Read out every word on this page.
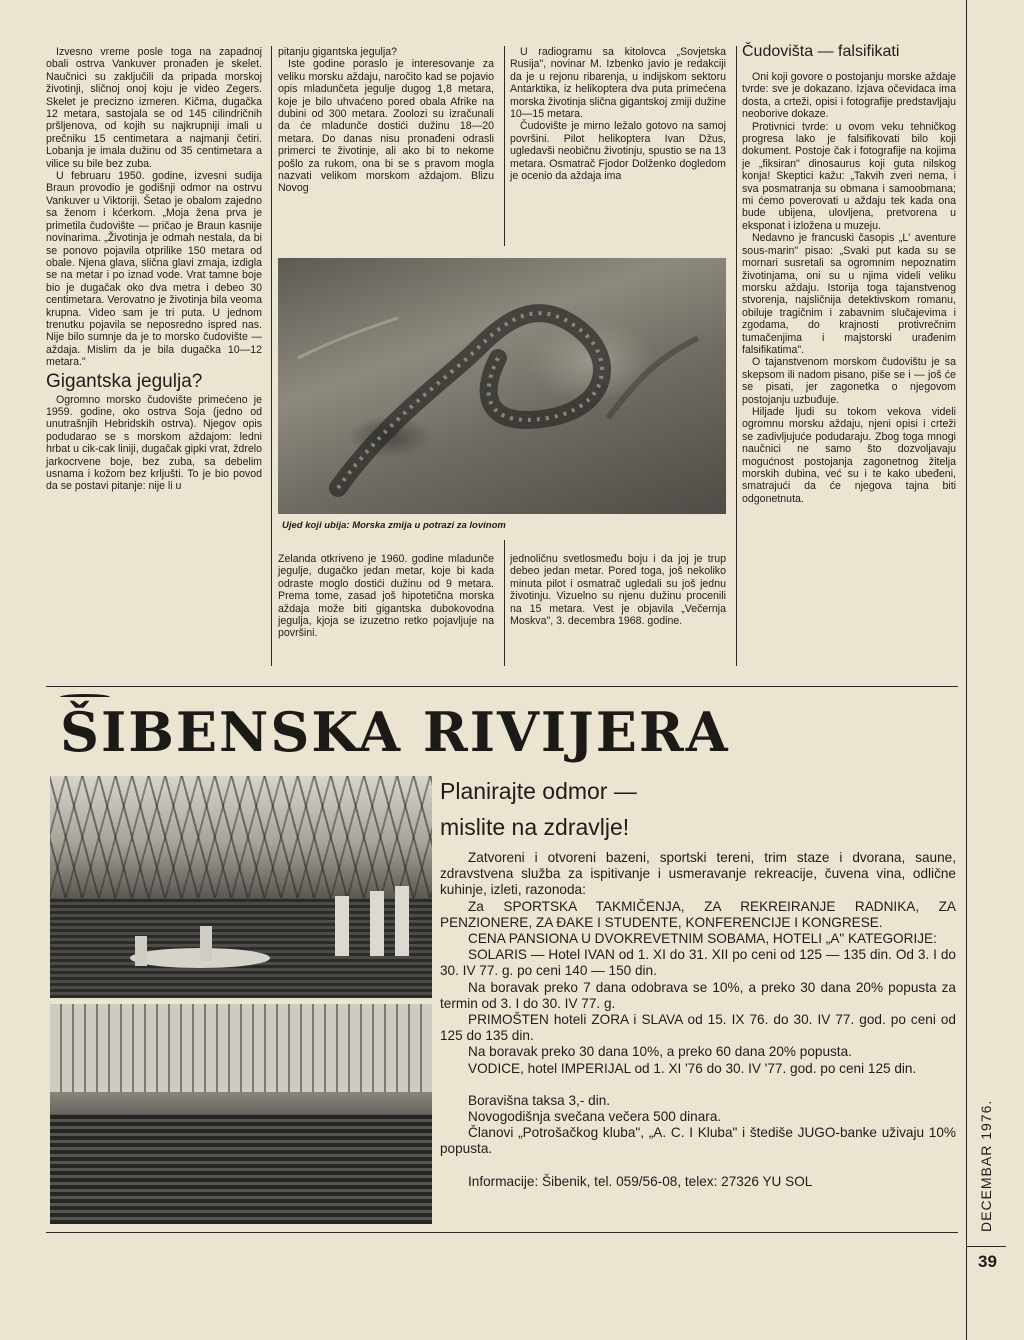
Izvesno vreme posle toga na zapadnoj obali ostrva Vankuver pronađen je skelet. Naučnici su zaključili da pripada morskoj životinji, sličnoj onoj koju je video Zegers. Skelet je precizno izmeren. Kičma, dugačka 12 metara, sastojala se od 145 cilindričnih pršljenova, od kojih su najkrupniji imali u prečniku 15 centimetara a najmanji četiri. Lobanja je imala dužinu od 35 centimetara a vilice su bile bez zuba.

U februaru 1950. godine, izvesni sudija Braun provodio je godišnji odmor na ostrvu Vankuver u Viktoriji. Šetao je obalom zajedno sa ženom i kćerkom. „Moja žena prva je primetila čudovište — pričao je Braun kasnije novinarima. „Životinja je odmah nestala, da bi se ponovo pojavila otprilike 150 metara od obale. Njena glava, slična glavi zmaja, izdigla se na metar i po iznad vode. Vrat tamne boje bio je dugačak oko dva metra i debeo 30 centimetara. Verovatno je životinja bila veoma krupna. Video sam je tri puta. U jednom trenutku pojavila se neposredno ispred nas. Nije bilo sumnje da je to morsko čudovište — aždaja. Mislim da je bila dugačka 10—12 metara."

Gigantska jegulja?

Ogromno morsko čudovište primećeno je 1959. godine, oko ostrva Soja (jedno od unutrašnjih Hebridskih ostrva). Njegov opis podudarao se s morskom aždajom: ledni hrbat u cik-cak liniji, dugačak gipki vrat, ždrelo jarkocrvene boje, bez zuba, sa debelim usnama i kožom bez krljušti. To je bio povod da se postavi pitanje: nije li u

pitanju gigantska jegulja?

Iste godine poraslo je interesovanje za veliku morsku aždaju, naročito kad se pojavio opis mladunčeta jegulje dugog 1,8 metara, koje je bilo uhvaćeno pored obala Afrike na dubini od 300 metara. Zoolozi su izračunali da će mladunče dostići dužinu 18—20 metara. Do danas nisu pronađeni odrasli primerci te životinje, ali ako bi to nekome pošlo za rukom, ona bi se s pravom mogla nazvati velikom morskom aždajom. Blizu Novog

U radiogramu sa kitolovca „Sovjetska Rusija", novinar M. Izbenko javio je redakciji da je u rejonu ribarenja, u indijskom sektoru Antarktika, iz helikoptera dva puta primećena morska životinja slična gigantskoj zmiji dužine 10—15 metara.

Čudovište je mirno ležalo gotovo na samoj površini. Pilot helikoptera Ivan Džus, ugledavši neobičnu životinju, spustio se na 13 metara. Osmatrač Fjodor Dolženko dogledom je ocenio da aždaja ima

Ujed koji ubija: Morska zmija u potrazi za lovinom

Zelanda otkriveno je 1960. godine mladunče jegulje, dugačko jedan metar, koje bi kada odraste moglo dostići dužinu od 9 metara. Prema tome, zasad još hipotetična morska aždaja može biti gigantska dubokovodna jegulja, kjoja se izuzetno retko pojavljuje na površini.

jednoličnu svetlosmeđu boju i da joj je trup debeo jedan metar. Pored toga, još nekoliko minuta pilot i osmatrač ugledali su još jednu životinju. Vizuelno su njenu dužinu procenili na 15 metara. Vest je objavila „Večernja Moskva", 3. decembra 1968. godine.

Čudovišta — falsifikati

Oni koji govore o postojanju morske aždaje tvrde: sve je dokazano. Izjava očevidaca ima dosta, a crteži, opisi i fotografije predstavljaju neoborive dokaze.

Protivnici tvrde: u ovom veku tehničkog progresa lako je falsifikovati bilo koji dokument. Postoje čak i fotografije na kojima je „fiksiran" dinosaurus koji guta nilskog konja! Skeptici kažu: „Takvih zveri nema, i sva posmatranja su obmana i samoobmana; mi ćemo poverovati u aždaju tek kada ona bude ubijena, ulovljena, pretvorena u eksponat i izložena u muzeju.

Nedavno je francuski časopis „L' aventure sous-marin" pisao: „Svaki put kada su se mornari susretali sa ogromnim nepoznatim životinjama, oni su u njima videli veliku morsku aždaju. Istorija toga tajanstvenog stvorenja, najsličnija detektivskom romanu, obiluje tragičnim i zabavnim slučajevima i zgodama, do krajnosti protivrečnim tumačenjima i majstorski urađenim falsifikatima".

O tajanstvenom morskom čudovištu je sa skepsom ili nadom pisano, piše se i — još će se pisati, jer zagonetka o njegovom postojanju uzbuđuje.

Hiljade ljudi su tokom vekova videli ogromnu morsku aždaju, njeni opisi i crteži se zadivljujuće podudaraju. Zbog toga mnogi naučnici ne samo što dozvoljavaju mogućnost postojanja zagonetnog žitelja morskih dubina, već su i te kako ubeđeni, smatrajući da će njegova tajna biti odgonetnuta.

ŠIBENSKA RIVIJERA
Planirajte odmor —
mislite na zdravlje!

Zatvoreni i otvoreni bazeni, sportski tereni, trim staze i dvorana, saune, zdravstvena služba za ispitivanje i usmeravanje rekreacije, čuvena vina, odlične kuhinje, izleti, razonoda:

Za SPORTSKA TAKMIČENJA, ZA REKREIRANJE RADNIKA, ZA PENZIONERE, ZA ĐAKE I STUDENTE, KONFERENCIJE I KONGRESE.

CENA PANSIONA U DVOKREVETNIM SOBAMA, HOTELI „A" KATEGORIJE:

SOLARIS — Hotel IVAN od 1. XI do 31. XII po ceni od 125 — 135 din. Od 3. I do 30. IV 77. g. po ceni 140 — 150 din.

Na boravak preko 7 dana odobrava se 10%, a preko 30 dana 20% popusta za termin od 3. I do 30. IV 77. g.

PRIMOŠTEN hoteli ZORA i SLAVA od 15. IX 76. do 30. IV 77. god. po ceni od 125 do 135 din.

Na boravak preko 30 dana 10%, a preko 60 dana 20% popusta.

VODICE, hotel IMPERIJAL od 1. XI '76 do 30. IV '77. god. po ceni 125 din.

Boravišna taksa 3,- din.

Novogodišnja svečana večera 500 dinara.

Članovi „Potrošačkog kluba", „A. C. I Kluba" i štediše JUGO-banke uživaju 10% popusta.

Informacije: Šibenik, tel. 059/56-08, telex: 27326 YU SOL	DECEMBAR 1976.
39
